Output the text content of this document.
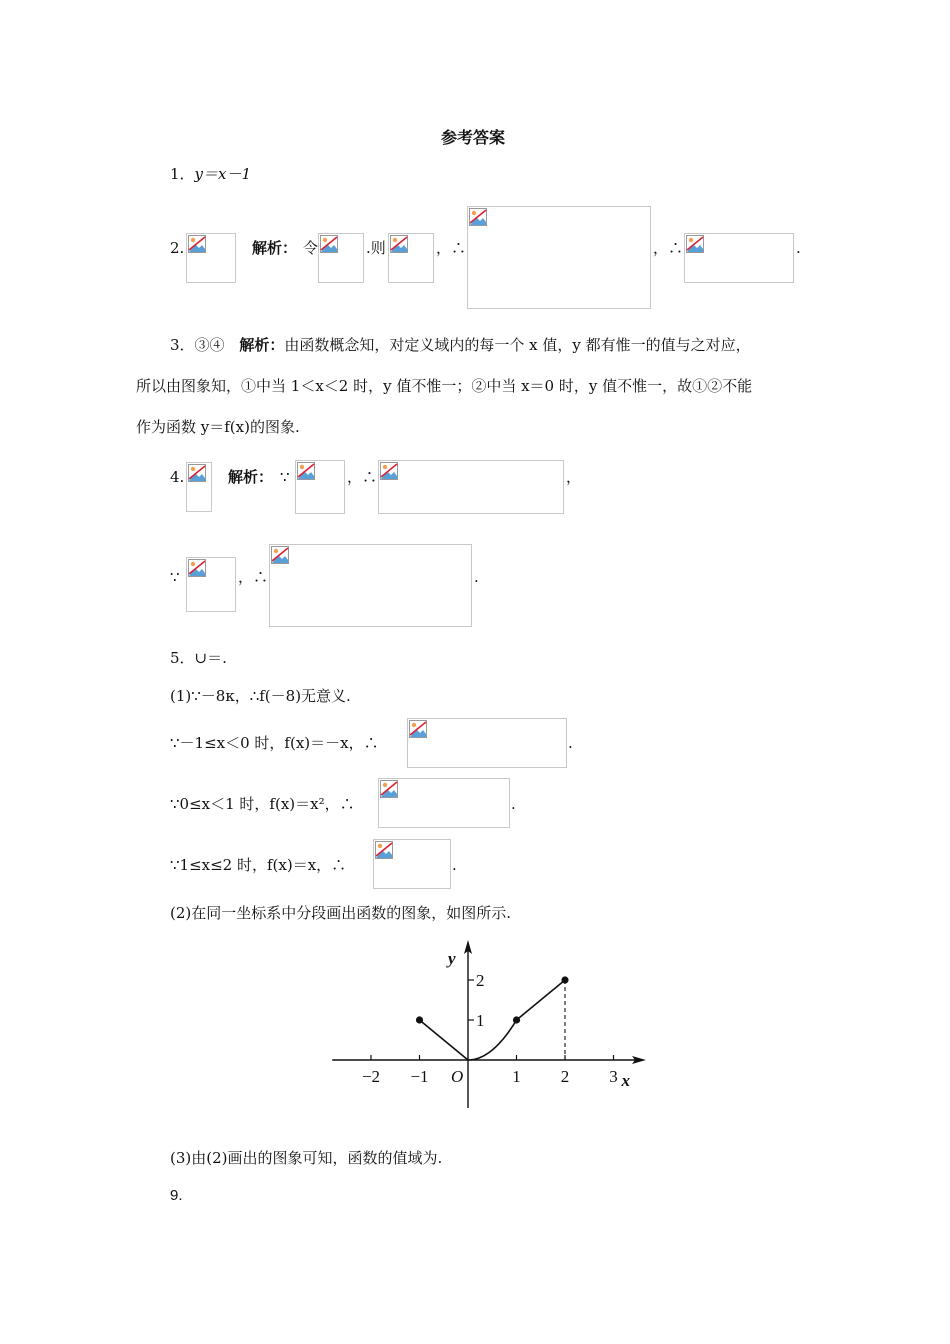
参考答案
1．y＝x－1
2.	解析： 令	.则	，∴	，∴	.
3．③④ 解析：由函数概念知，对定义域内的每一个 x 值，y 都有惟一的值与之对应，
所以由图象知，①中当 1＜x＜2 时，y 值不惟一；②中当 x＝0 时，y 值不惟一，故①②不能
作为函数 y＝f(x)的图象.
4.	解析： ∵	，∴	，
∵	，∴	.
5．∪＝.
(1)∵－8к，∴f(－8)无意义.
∵－1≤x＜0 时，f(x)＝－x，∴	.
∵0≤x＜1 时，f(x)＝x²，∴	.
∵1≤x≤2 时，f(x)＝x，∴	.
(2)在同一坐标系中分段画出函数的图象，如图所示.
−2 −1	1 2 3
1
2
x
y
O
(3)由(2)画出的图象可知，函数的值域为.
9.
